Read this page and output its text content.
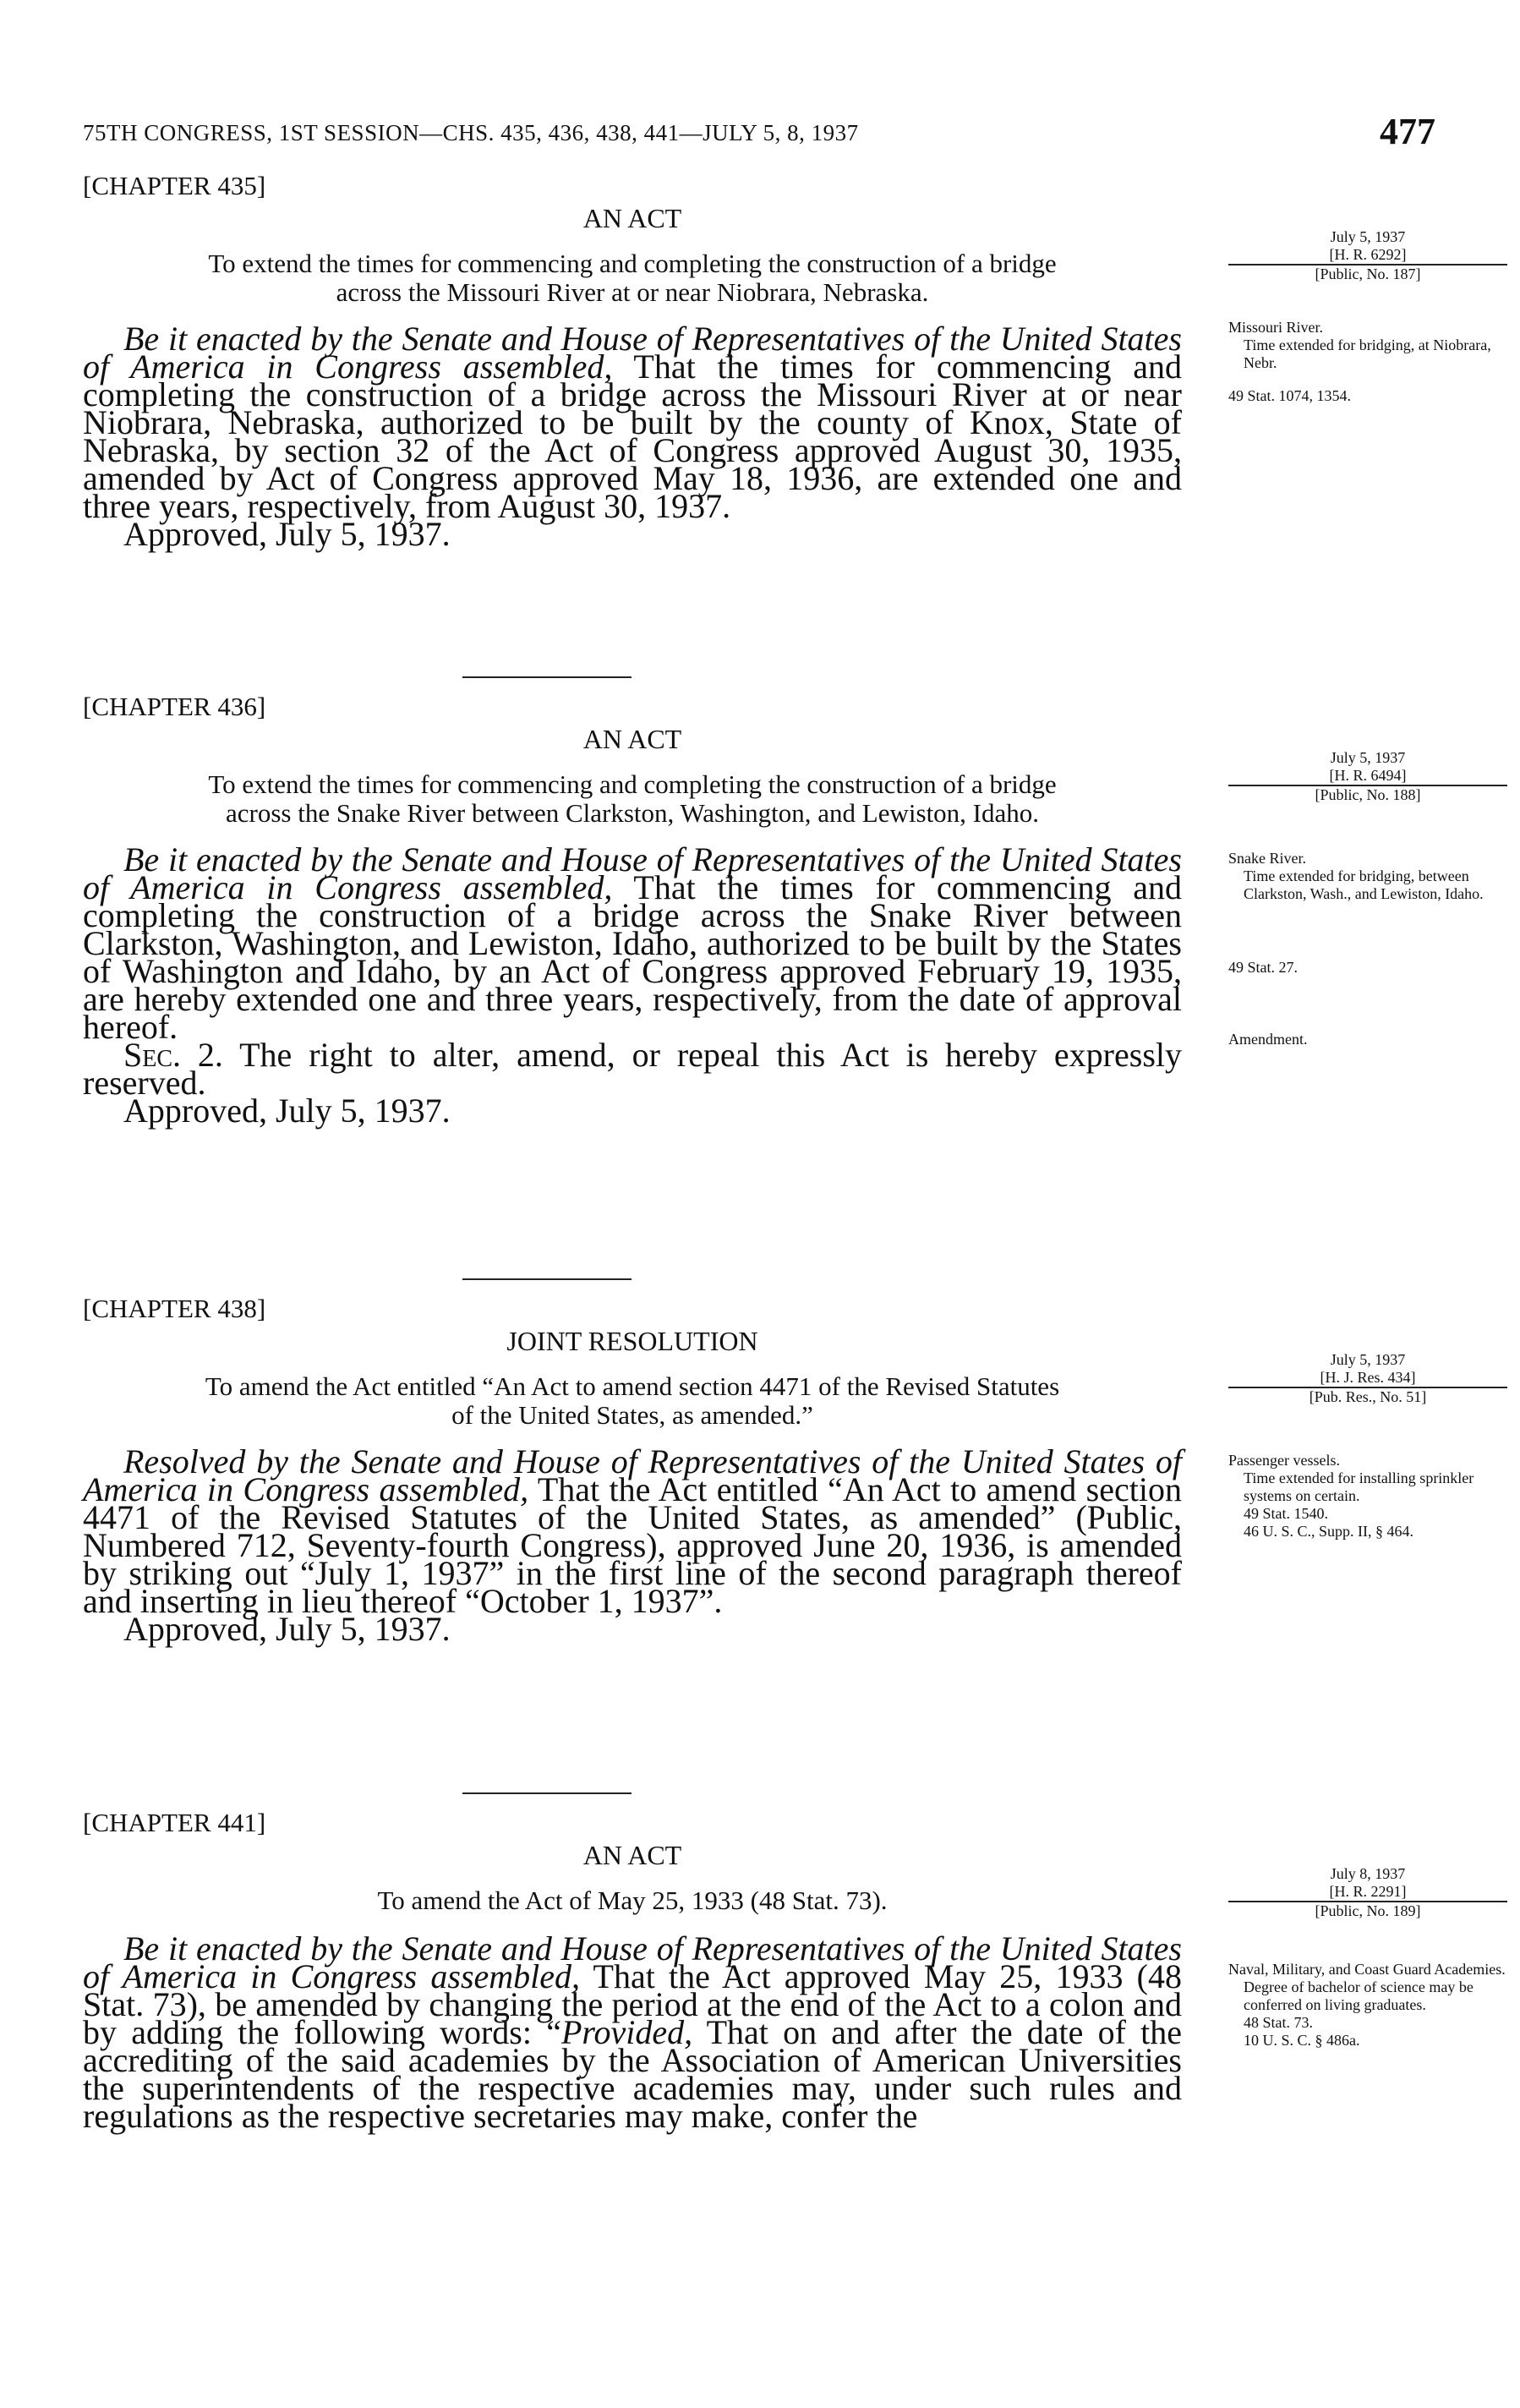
75TH CONGRESS, 1ST SESSION—CHS. 435, 436, 438, 441—JULY 5, 8, 1937	477
[CHAPTER 435]
AN ACT
To extend the times for commencing and completing the construction of a bridge
across the Missouri River at or near Niobrara, Nebraska.

Be it enacted by the Senate and House of Representatives of the United States of America in Congress assembled, That the times for commencing and completing the construction of a bridge across the Missouri River at or near Niobrara, Nebraska, authorized to be built by the county of Knox, State of Nebraska, by section 32 of the Act of Congress approved August 30, 1935, amended by Act of Congress approved May 18, 1936, are extended one and three years, respectively, from August 30, 1937.

Approved, July 5, 1937.

July 5, 1937
[H. R. 6292]
[Public, No. 187]

Missouri River.

Time extended for bridging, at Niobrara, Nebr.

49 Stat. 1074, 1354.

[CHAPTER 436]
AN ACT
To extend the times for commencing and completing the construction of a bridge
across the Snake River between Clarkston, Washington, and Lewiston, Idaho.

Be it enacted by the Senate and House of Representatives of the United States of America in Congress assembled, That the times for commencing and completing the construction of a bridge across the Snake River between Clarkston, Washington, and Lewiston, Idaho, authorized to be built by the States of Washington and Idaho, by an Act of Congress approved February 19, 1935, are hereby extended one and three years, respectively, from the date of approval hereof.

Sec. 2. The right to alter, amend, or repeal this Act is hereby expressly reserved.

Approved, July 5, 1937.

July 5, 1937
[H. R. 6494]
[Public, No. 188]

Snake River.

Time extended for bridging, between Clarkston, Wash., and Lewiston, Idaho.

49 Stat. 27.

Amendment.

[CHAPTER 438]
JOINT RESOLUTION
To amend the Act entitled “An Act to amend section 4471 of the Revised Statutes
of the United States, as amended.”

Resolved by the Senate and House of Representatives of the United States of America in Congress assembled, That the Act entitled “An Act to amend section 4471 of the Revised Statutes of the United States, as amended” (Public, Numbered 712, Seventy-fourth Congress), approved June 20, 1936, is amended by striking out “July 1, 1937” in the first line of the second paragraph thereof and inserting in lieu thereof “October 1, 1937”.

Approved, July 5, 1937.

July 5, 1937
[H. J. Res. 434]
[Pub. Res., No. 51]

Passenger vessels.

Time extended for installing sprinkler systems on certain.

49 Stat. 1540.

46 U. S. C., Supp. II, § 464.

[CHAPTER 441]
AN ACT
To amend the Act of May 25, 1933 (48 Stat. 73).

Be it enacted by the Senate and House of Representatives of the United States of America in Congress assembled, That the Act approved May 25, 1933 (48 Stat. 73), be amended by changing the period at the end of the Act to a colon and by adding the following words: “Provided, That on and after the date of the accrediting of the said academies by the Association of American Universities the superintendents of the respective academies may, under such rules and regulations as the respective secretaries may make, confer the

July 8, 1937
[H. R. 2291]
[Public, No. 189]

Naval, Military, and Coast Guard Academies.

Degree of bachelor of science may be conferred on living graduates.

48 Stat. 73.

10 U. S. C. § 486a.
